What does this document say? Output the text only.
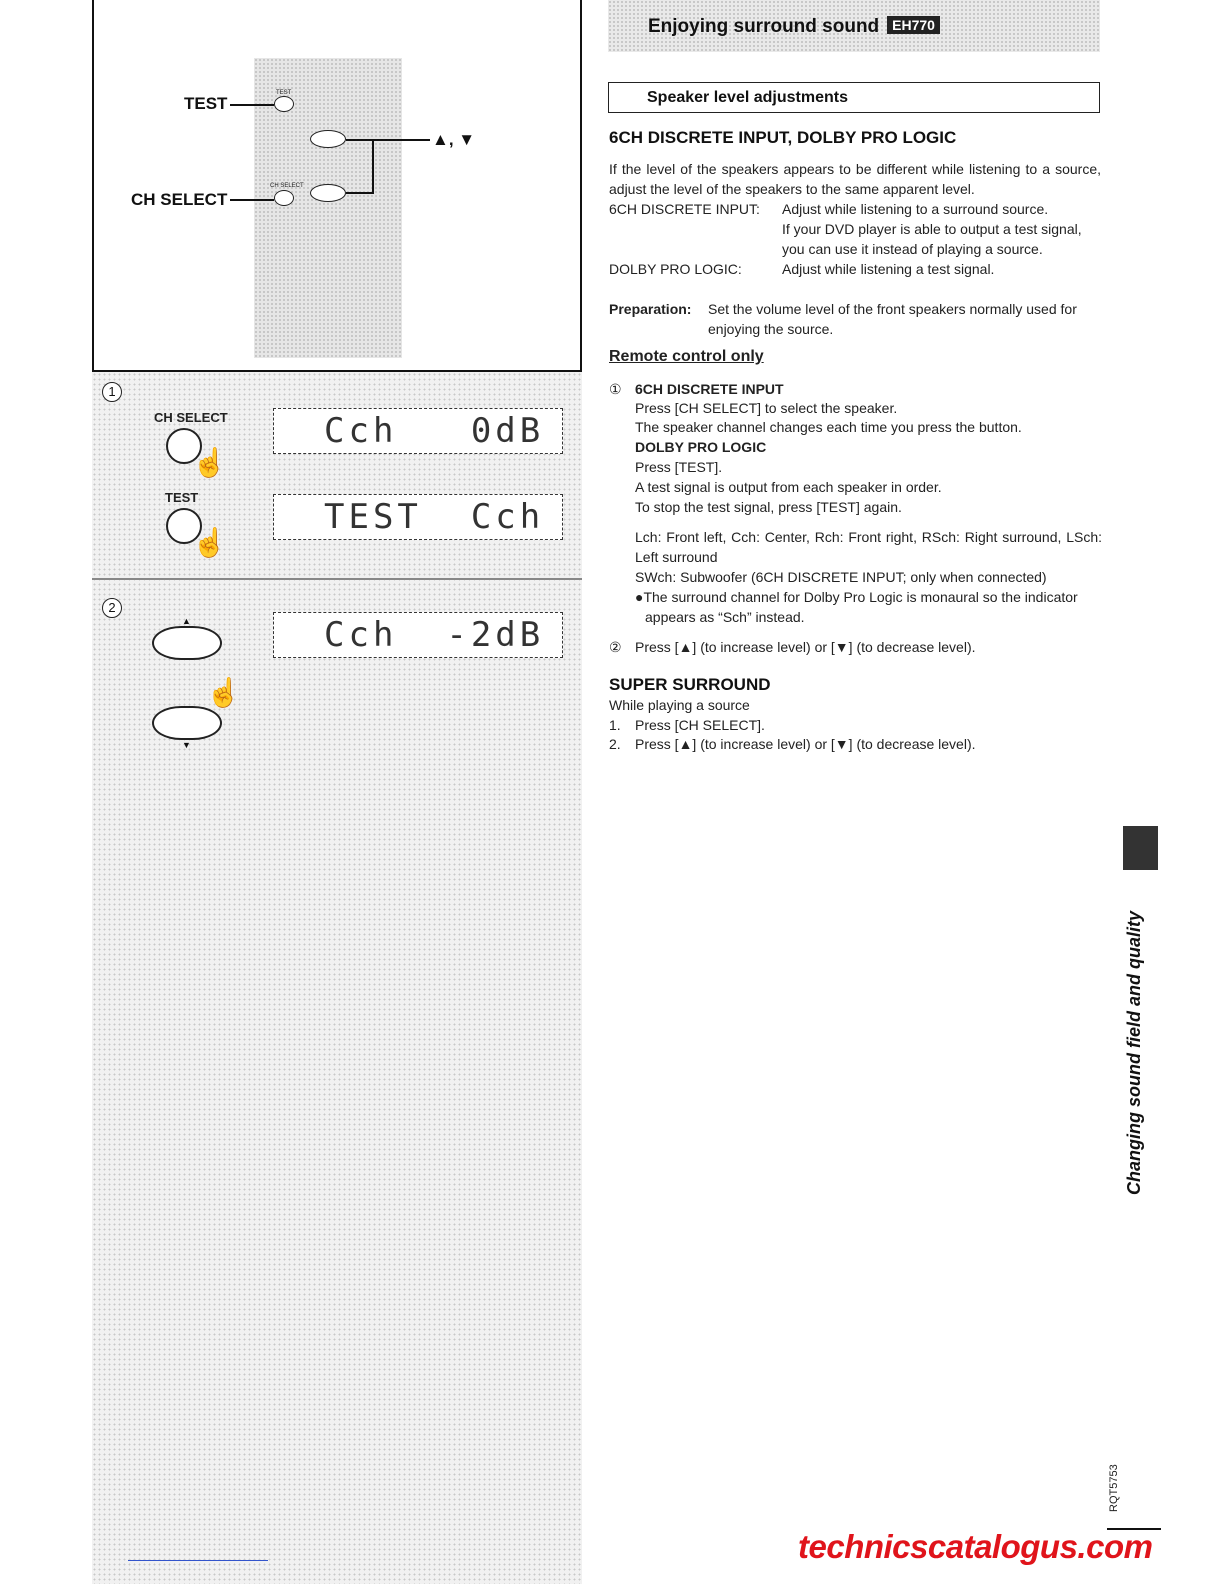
TEST
TEST
▲, ▼
CH SELECT
CH SELECT
1
CH SELECT
☝
Cch   0dB
TEST
☝
TEST  Cch
2
▲	Cch  -2dB
☝
▼
Enjoying surround sound EH770
Speaker level adjustments
6CH DISCRETE INPUT, DOLBY PRO LOGIC
If the level of the speakers appears to be different while listening to a source, adjust the level of the speakers to the same apparent level.
6CH DISCRETE INPUT: Adjust while listening to a surround source.
If your DVD player is able to output a test signal, you can use it instead of playing a source.
DOLBY PRO LOGIC:	Adjust while listening a test signal.
Preparation: Set the volume level of the front speakers normally used for enjoying the source.
Remote control only
① 6CH DISCRETE INPUT
Press [CH SELECT] to select the speaker.
The speaker channel changes each time you press the button.
DOLBY PRO LOGIC
Press [TEST].
A test signal is output from each speaker in order.
To stop the test signal, press [TEST] again.
Lch: Front left, Cch: Center, Rch: Front right, RSch: Right surround, LSch: Left surround
SWch: Subwoofer (6CH DISCRETE INPUT; only when connected)
●The surround channel for Dolby Pro Logic is monaural so the indicator appears as “Sch” instead.
② Press [▲] (to increase level) or [▼] (to decrease level).
SUPER SURROUND
While playing a source
1. Press [CH SELECT].
2. Press [▲] (to increase level) or [▼] (to decrease level).
Changing sound field and quality
RQT5753
technicscatalogus.com
